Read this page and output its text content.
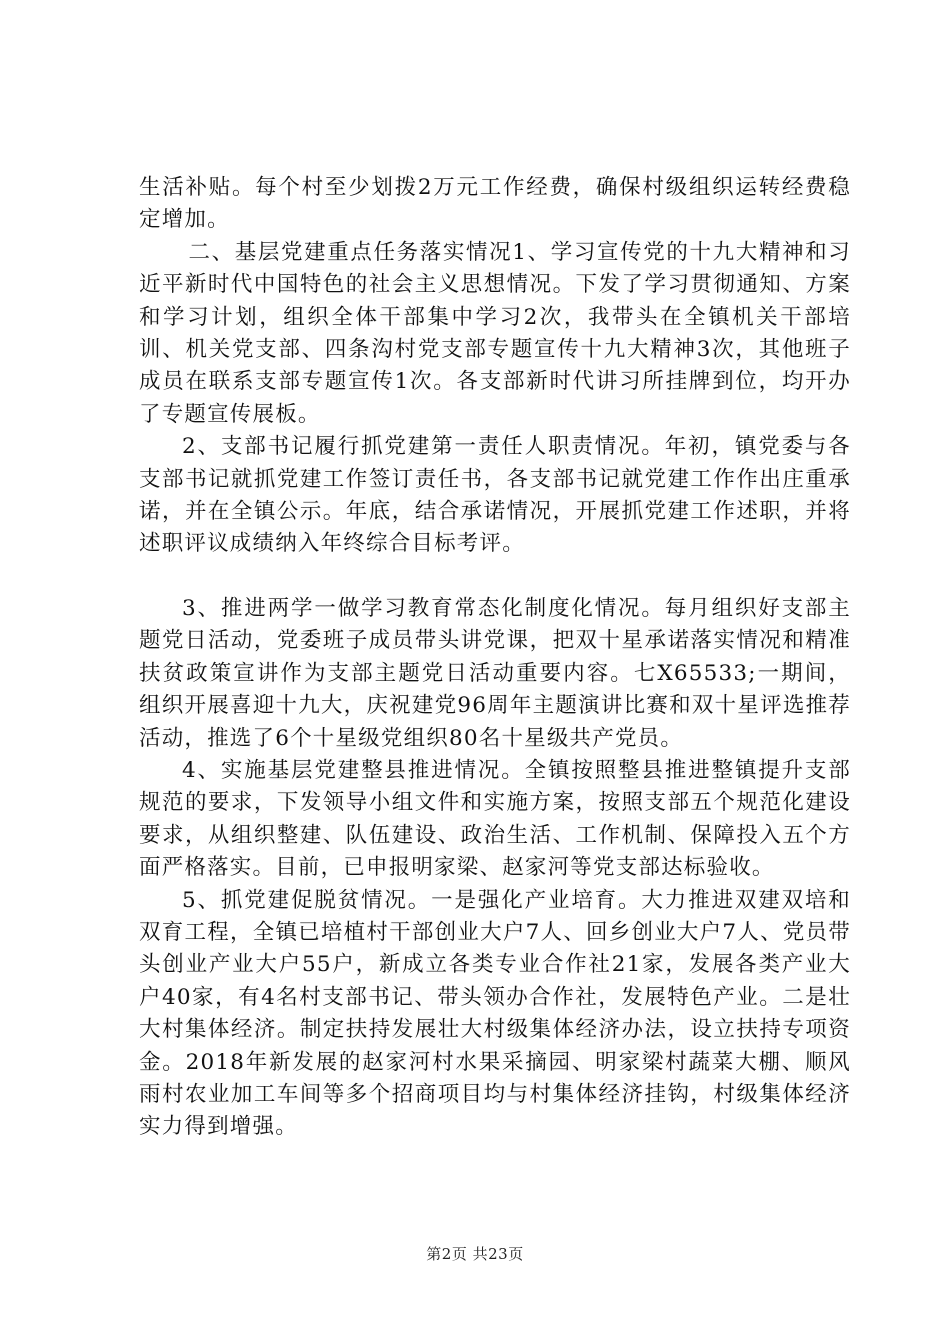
生活补贴。每个村至少划拨2万元工作经费，确保村级组织运转经费稳定增加。

二、基层党建重点任务落实情况1、学习宣传党的十九大精神和习近平新时代中国特色的社会主义思想情况。下发了学习贯彻通知、方案和学习计划，组织全体干部集中学习2次，我带头在全镇机关干部培训、机关党支部、四条沟村党支部专题宣传十九大精神3次，其他班子成员在联系支部专题宣传1次。各支部新时代讲习所挂牌到位，均开办了专题宣传展板。

2、支部书记履行抓党建第一责任人职责情况。年初，镇党委与各支部书记就抓党建工作签订责任书，各支部书记就党建工作作出庄重承诺，并在全镇公示。年底，结合承诺情况，开展抓党建工作述职，并将述职评议成绩纳入年终综合目标考评。

3、推进两学一做学习教育常态化制度化情况。每月组织好支部主题党日活动，党委班子成员带头讲党课，把双十星承诺落实情况和精准扶贫政策宣讲作为支部主题党日活动重要内容。七X65533;一期间，组织开展喜迎十九大，庆祝建党96周年主题演讲比赛和双十星评选推荐活动，推选了6个十星级党组织80名十星级共产党员。

4、实施基层党建整县推进情况。全镇按照整县推进整镇提升支部规范的要求，下发领导小组文件和实施方案，按照支部五个规范化建设要求，从组织整建、队伍建设、政治生活、工作机制、保障投入五个方面严格落实。目前，已申报明家梁、赵家河等党支部达标验收。

5、抓党建促脱贫情况。一是强化产业培育。大力推进双建双培和双育工程，全镇已培植村干部创业大户7人、回乡创业大户7人、党员带头创业产业大户55户，新成立各类专业合作社21家，发展各类产业大户40家，有4名村支部书记、带头领办合作社，发展特色产业。二是壮大村集体经济。制定扶持发展壮大村级集体经济办法，设立扶持专项资金。2018年新发展的赵家河村水果采摘园、明家梁村蔬菜大棚、顺风雨村农业加工车间等多个招商项目均与村集体经济挂钩，村级集体经济实力得到增强。

第2页 共23页
